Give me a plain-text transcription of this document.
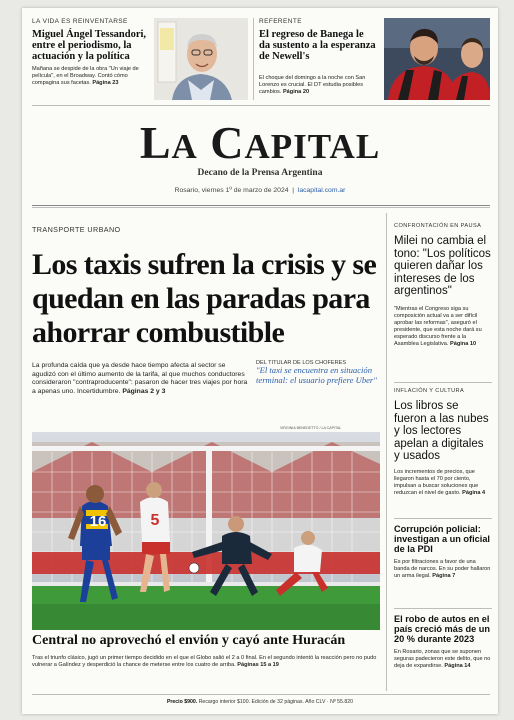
LA VIDA ES REINVENTARSE
Miguel Ángel Tessandori, entre el periodismo, la actuación y la política
Mañana se despide de la obra "Un viaje de película", en el Broadway. Contó cómo compagina sus facetas. Página 23
REFERENTE
El regreso de Banega le da sustento a la esperanza de Newell's
El choque del domingo a la noche con San Lorenzo es crucial. El DT estudia posibles cambios. Página 20
LA CAPITAL
Decano de la Prensa Argentina
Rosario, viernes 1º de marzo de 2024  |  lacapital.com.ar
TRANSPORTE URBANO
Los taxis sufren la crisis y se quedan en las paradas para ahorrar combustible
La profunda caída que ya desde hace tiempo afecta al sector se agudizó con el último aumento de la tarifa, al que muchos conductores consideraron "contraproducente": pasaron de hacer tres viajes por hora a apenas uno. Incertidumbre. Páginas 2 y 3
DEL TITULAR DE LOS CHOFERES
"El taxi se encuentra en situación terminal: el usuario prefiere Uber"
VIRGINIA BENEDETTO / LA CAPITAL
16	5
Central no aprovechó el envión y cayó ante Huracán
Tras el triunfo clásico, jugó un primer tiempo decidido en el que el Globo salió el 2 a 0 final. En el segundo intentó la reacción pero no pudo vulnerar a Galíndez y desperdició la chance de meterse entre los cuatro de arriba. Páginas 15 a 19
CONFRONTACIÓN EN PAUSA
Milei no cambia el tono: "Los políticos quieren dañar los intereses de los argentinos"
"Mientras el Congreso siga su composición actual va a ser difícil aprobar las reformas", aseguró el presidente, que esta noche dará su esperado discurso frente a la Asamblea Legislativa. Página 10
INFLACIÓN Y CULTURA
Los libros se fueron a las nubes y los lectores apelan a digitales y usados
Los incrementos de precios, que llegaron hasta el 70 por ciento, impulsan a buscar soluciones que reduzcan el nivel de gasto. Página 4
Corrupción policial: investigan a un oficial de la PDI
Es por filtraciones a favor de una banda de narcos. En su poder hallaron un arma ilegal. Página 7
El robo de autos en el país creció más de un 20 % durante 2023
En Rosario, zonas que se suponen seguras padecieron este delito, que no deja de expandirse. Página 14
Precio $900. Recargo interior $100. Edición de 32 páginas. Año CLV · Nº 55.820
